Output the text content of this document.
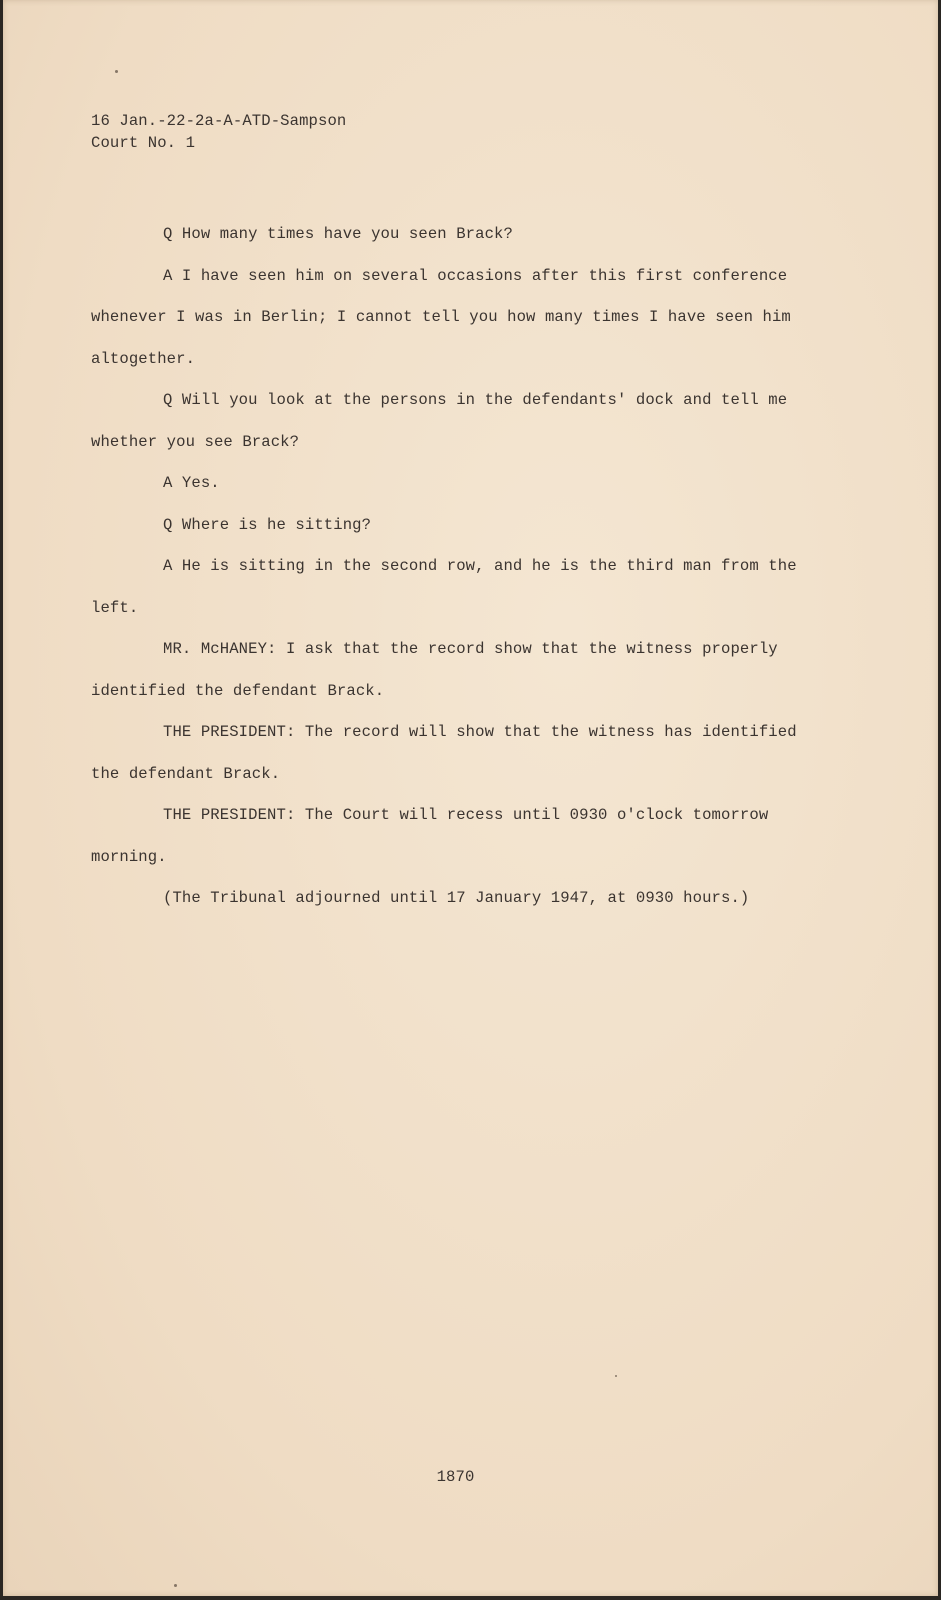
16 Jan.-22-2a-A-ATD-Sampson
Court No. 1
Q How many times have you seen Brack?
A I have seen him on several occasions after this first conference
whenever I was in Berlin; I cannot tell you how many times I have seen him
altogether.
Q Will you look at the persons in the defendants' dock and tell me
whether you see Brack?
A Yes.
Q Where is he sitting?
A He is sitting in the second row, and he is the third man from the
left.
MR. McHANEY: I ask that the record show that the witness properly
identified the defendant Brack.
THE PRESIDENT: The record will show that the witness has identified
the defendant Brack.
THE PRESIDENT: The Court will recess until 0930 o'clock tomorrow
morning.
(The Tribunal adjourned until 17 January 1947, at 0930 hours.)
1870
